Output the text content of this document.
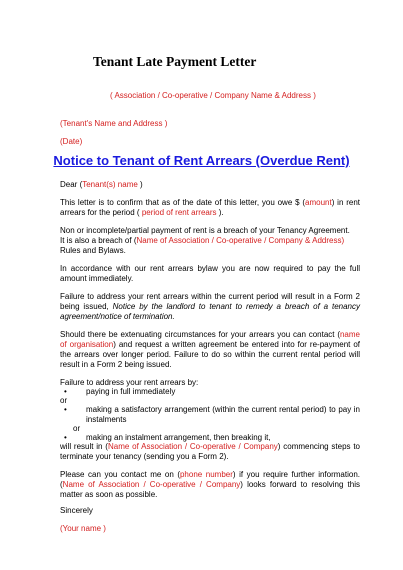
Tenant Late Payment Letter
( Association / Co-operative / Company Name & Address )
(Tenant's Name and Address )
(Date)
Notice to Tenant of Rent Arrears (Overdue Rent)
Dear (Tenant(s) name )
This letter is to confirm that as of the date of this letter, you owe $ (amount) in rent arrears for the period ( period of rent arrears ).
Non or incomplete/partial payment of rent is a breach of your Tenancy Agreement.
It is also a breach of (Name of Association / Co-operative / Company & Address)
Rules and Bylaws.
In accordance with our rent arrears bylaw you are now required to pay the full amount immediately.
Failure to address your rent arrears within the current period will result in a Form 2 being issued, Notice by the landlord to tenant to remedy a breach of a tenancy agreement/notice of termination.
Should there be extenuating circumstances for your arrears you can contact (name of organisation) and request a written agreement be entered into for re-payment of the arrears over longer period. Failure to do so within the current rental period will result in a Form 2 being issued.
Failure to address your rent arrears by:
• paying in full immediately
or
• making a satisfactory arrangement (within the current rental period) to pay in instalments
or
• making an instalment arrangement, then breaking it,
will result in (Name of Association / Co-operative / Company) commencing steps to terminate your tenancy (sending you a Form 2).
Please can you contact me on (phone number) if you require further information. (Name of Association / Co-operative / Company) looks forward to resolving this matter as soon as possible.
Sincerely
(Your name )
